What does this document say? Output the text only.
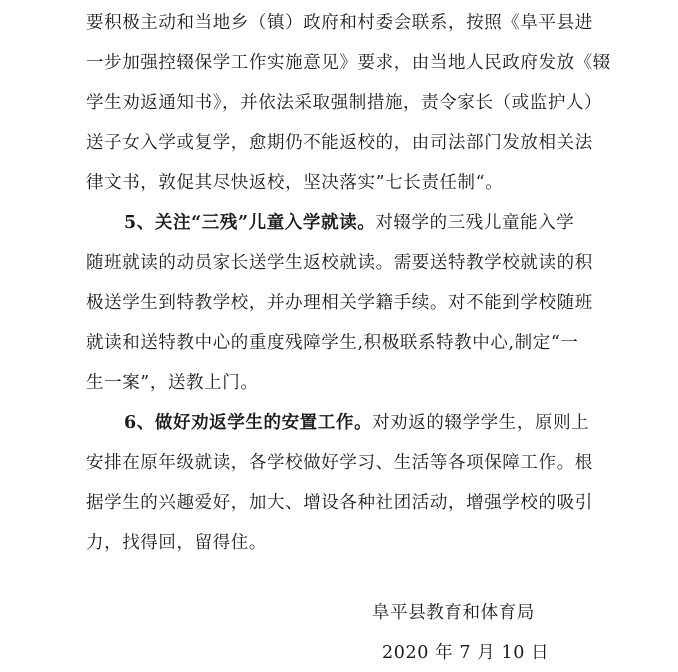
要积极主动和当地乡（镇）政府和村委会联系，按照《阜平县进
一步加强控辍保学工作实施意见》要求，由当地人民政府发放《辍
学生劝返通知书》，并依法采取强制措施，责令家长（或监护人）
送子女入学或复学，愈期仍不能返校的，由司法部门发放相关法
律文书，敦促其尽快返校，坚决落实”七长责任制“。
5、关注“三残”儿童入学就读。对辍学的三残儿童能入学
随班就读的动员家长送学生返校就读。需要送特教学校就读的积
极送学生到特教学校，并办理相关学籍手续。对不能到学校随班
就读和送特教中心的重度残障学生,积极联系特教中心,制定“一
生一案”，送教上门。
6、做好劝返学生的安置工作。对劝返的辍学学生，原则上
安排在原年级就读，各学校做好学习、生活等各项保障工作。根
据学生的兴趣爱好，加大、增设各种社团活动，增强学校的吸引
力，找得回，留得住。
阜平县教育和体育局
2020 年 7 月 10 日
